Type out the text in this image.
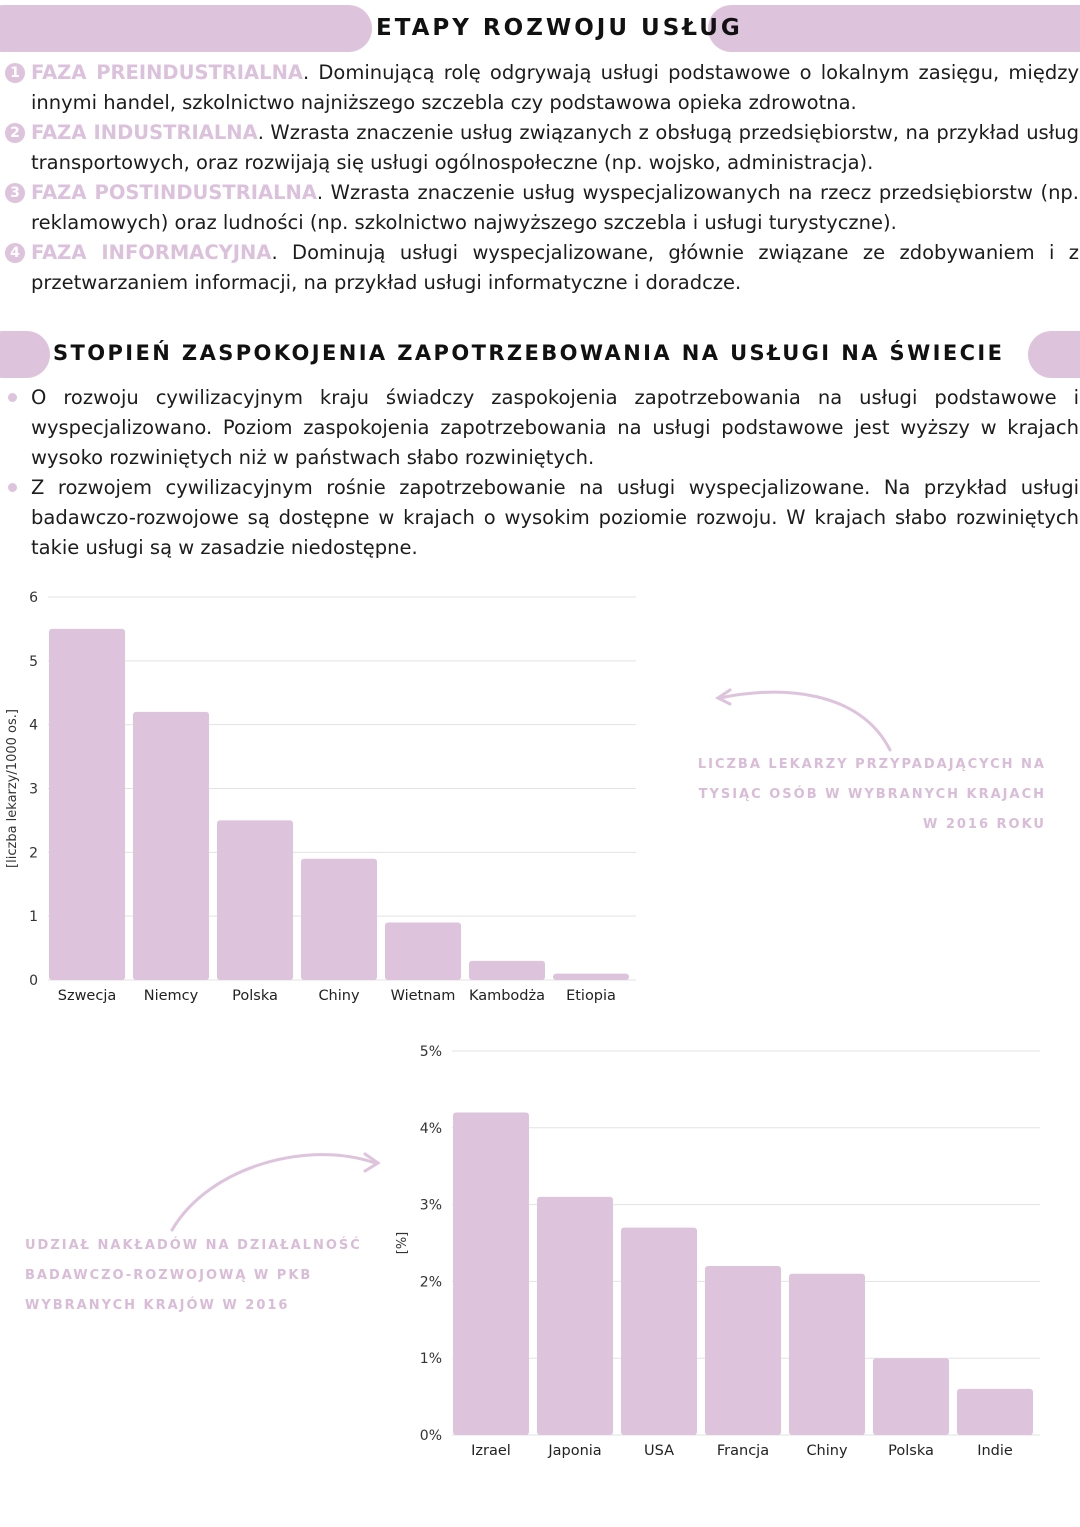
ETAPY ROZWOJU USŁUG
1 FAZA PREINDUSTRIALNA. Dominującą rolę odgrywają usługi podstawowe o lokalnym zasięgu, między innymi handel, szkolnictwo najniższego szczebla czy podstawowa opieka zdrowotna.
2 FAZA INDUSTRIALNA. Wzrasta znaczenie usług związanych z obsługą przedsiębiorstw, na przykład usług transportowych, oraz rozwijają się usługi ogólnospołeczne (np. wojsko, administracja).
3 FAZA POSTINDUSTRIALNA. Wzrasta znaczenie usług wyspecjalizowanych na rzecz przedsiębiorstw (np. reklamowych) oraz ludności (np. szkolnictwo najwyższego szczebla i usługi turystyczne).
4 FAZA INFORMACYJNA. Dominują usługi wyspecjalizowane, głównie związane ze zdobywaniem i z przetwarzaniem informacji, na przykład usługi informatyczne i doradcze.
STOPIEŃ ZASPOKOJENIA ZAPOTRZEBOWANIA NA USŁUGI NA ŚWIECIE
O rozwoju cywilizacyjnym kraju świadczy zaspokojenia zapotrzebowania na usługi podstawowe i wyspecjalizowano. Poziom zaspokojenia zapotrzebowania na usługi podstawowe jest wyższy w krajach wysoko rozwiniętych niż w państwach słabo rozwiniętych.
Z rozwojem cywilizacyjnym rośnie zapotrzebowanie na usługi wyspecjalizowane. Na przykład usługi badawczo-rozwojowe są dostępne w krajach o wysokim poziomie rozwoju. W krajach słabo rozwiniętych takie usługi są w zasadzie niedostępne.
0
1
2
3
4
5
6
[liczba lekarzy/1000 os.]
Szwecja Niemcy Polska	Chiny Wietnam Kambodża Etiopia
LICZBA LEKARZY PRZYPADAJĄCYCH NA
TYSIĄC OSÓB W WYBRANYCH KRAJACH
W 2016 ROKU
0%
1%
2%
3%
4%
5%
[%]
Izrael	Japonia	USA	Francja	Chiny	Polska	Indie
UDZIAŁ NAKŁADÓW NA DZIAŁALNOŚĆ
BADAWCZO-ROZWOJOWĄ W PKB
WYBRANYCH KRAJÓW W 2016
